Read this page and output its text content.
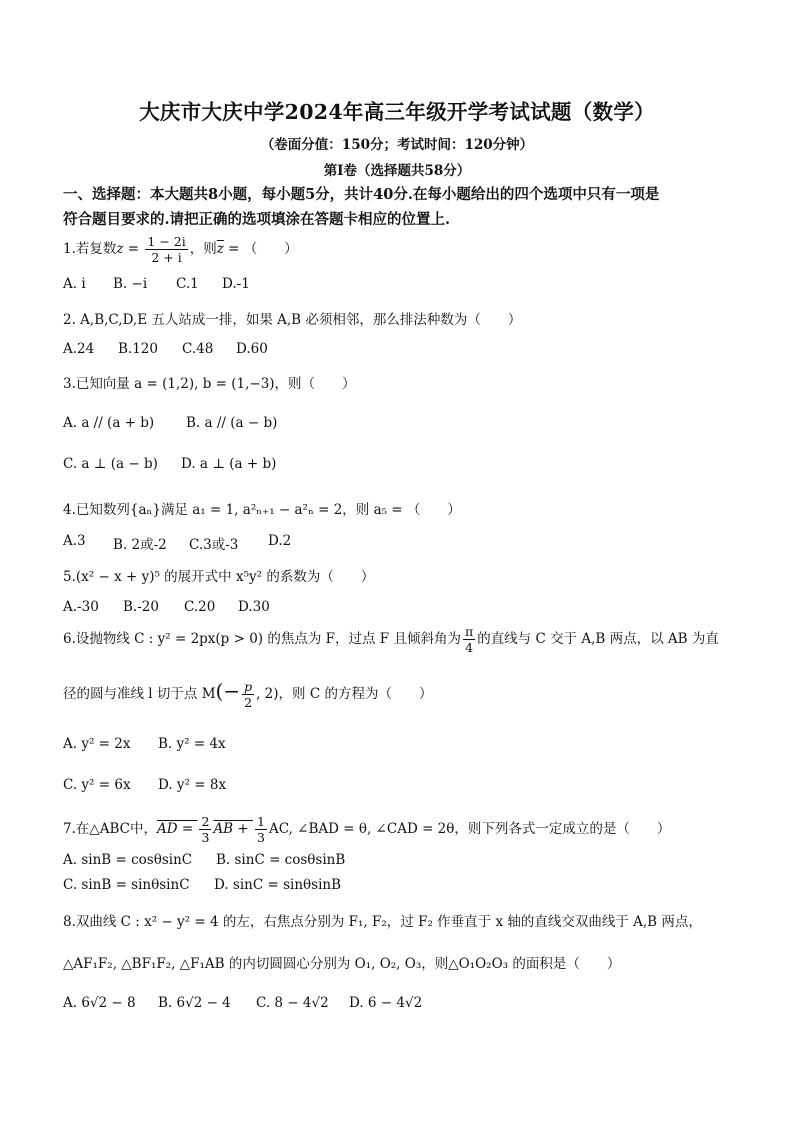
大庆市大庆中学2024年高三年级开学考试试题（数学）
（卷面分值：150分；考试时间：120分钟）
第I卷（选择题共58分）
一、选择题：本大题共8小题，每小题5分，共计40分.在每小题给出的四个选项中只有一项是
符合题目要求的.请把正确的选项填涂在答题卡相应的位置上.
1.若复数$z = \frac{1 - 2i}{2 + i}$ ，则$\overline{z}$ = （　　）
A. i B. −i C.1 D.-1
2. A,B,C,D,E 五人站成一排，如果 A,B 必须相邻，那么排法种数为（　　）
A.24 B.120 C.48 D.60
3.已知向量 a = (1,2), b = (1,−3)，则（　　）
A. a // (a + b) B. a // (a − b)
C. a ⊥ (a − b) D. a ⊥ (a + b)
4.已知数列{aₙ}满足 a₁ = 1, a²ₙ₊₁ − a²ₙ = 2，则 a₅ = （　　）
A.3 B. 2或-2 C.3或-3 D.2
5.(x² − x + y)⁵ 的展开式中 x⁵y² 的系数为（　　）
A.-30 B.-20 C.20 D.30
6.设抛物线 C : y² = 2px(p > 0) 的焦点为 F，过点 F 且倾斜角为 $\frac{\pi}{4}$ 的直线与 C 交于 A,B 两点，以 AB 为直
径的圆与准线 l 切于点 $M(- \frac{p}{2}$ , 2)，则 C 的方程为（　　）
A. y² = 2x B. y² = 4x
C. y² = 6x D. y² = 8x
7.在△ABC中，AD = $\frac{2}{3}$ AB + $\frac{1}{3}$ AC, ∠BAD = θ, ∠CAD = 2θ，则下列各式一定成立的是（　　）
A. sinB = cosθsinC B. sinC = cosθsinB
C. sinB = sinθsinC D. sinC = sinθsinB
8.双曲线 C : x² − y² = 4 的左，右焦点分别为 F₁, F₂，过 F₂ 作垂直于 x 轴的直线交双曲线于 A,B 两点，
△AF₁F₂, △BF₁F₂, △F₁AB 的内切圆圆心分别为 O₁, O₂, O₃，则△O₁O₂O₃ 的面积是（　　）
A. 6√2 − 8 B. 6√2 − 4 C. 8 − 4√2 D. 6 − 4√2
